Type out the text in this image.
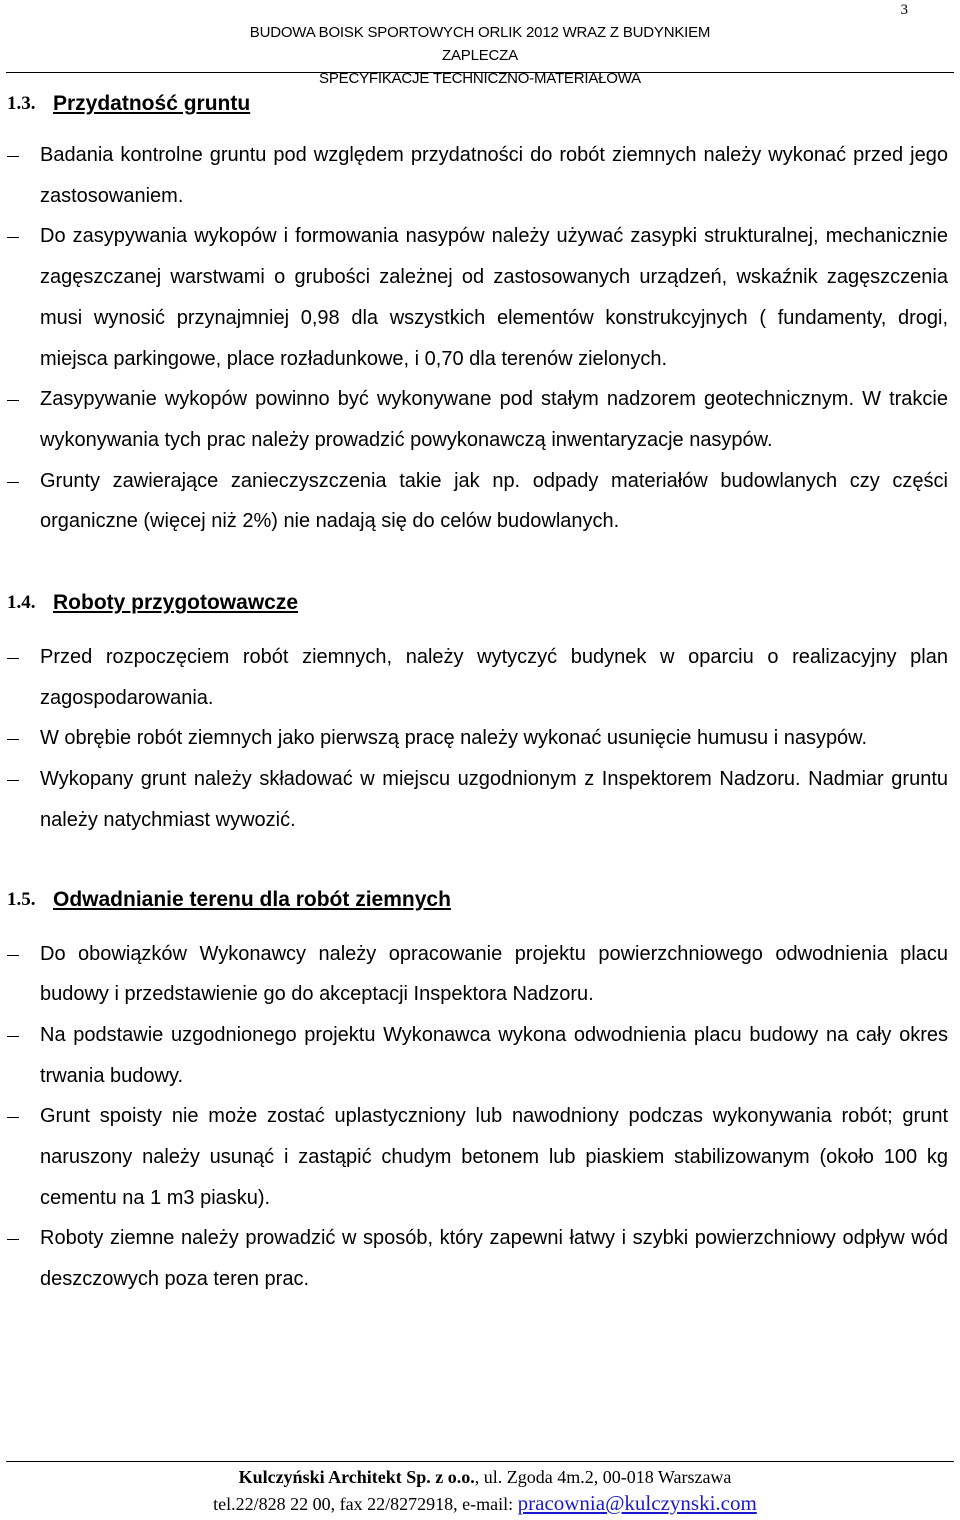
3
BUDOWA BOISK SPORTOWYCH ORLIK 2012 WRAZ Z BUDYNKIEM ZAPLECZA
SPECYFIKACJE TECHNICZNO-MATERIAŁOWA
1.3. Przydatność gruntu
Badania kontrolne gruntu pod względem przydatności do robót ziemnych należy wykonać przed jego zastosowaniem.
Do zasypywania wykopów i formowania nasypów należy używać zasypki strukturalnej, mechanicznie zagęszczanej warstwami o grubości zależnej od zastosowanych urządzeń, wskaźnik zagęszczenia musi wynosić przynajmniej 0,98 dla wszystkich elementów konstrukcyjnych ( fundamenty, drogi, miejsca parkingowe, place rozładunkowe, i 0,70 dla terenów zielonych.
Zasypywanie wykopów powinno być wykonywane pod stałym nadzorem geotechnicznym. W trakcie wykonywania tych prac należy prowadzić powykonawczą inwentaryzacje nasypów.
Grunty zawierające zanieczyszczenia takie jak np. odpady materiałów budowlanych czy części organiczne (więcej niż 2%) nie nadają się do celów budowlanych.
1.4. Roboty przygotowawcze
Przed rozpoczęciem robót ziemnych, należy wytyczyć budynek w oparciu o realizacyjny plan zagospodarowania.
W obrębie robót ziemnych jako pierwszą pracę należy wykonać usunięcie humusu i nasypów.
Wykopany grunt należy składować w miejscu uzgodnionym z Inspektorem Nadzoru. Nadmiar gruntu należy natychmiast wywozić.
1.5. Odwadnianie terenu dla robót ziemnych
Do obowiązków Wykonawcy należy opracowanie projektu powierzchniowego odwodnienia placu budowy i przedstawienie go do akceptacji Inspektora Nadzoru.
Na podstawie uzgodnionego projektu Wykonawca wykona odwodnienia placu budowy na cały okres trwania budowy.
Grunt spoisty nie może zostać uplastyczniony lub nawodniony podczas wykonywania robót; grunt naruszony należy usunąć i zastąpić chudym betonem lub piaskiem stabilizowanym (około 100 kg cementu na 1 m3 piasku).
Roboty ziemne należy prowadzić w sposób, który zapewni łatwy i szybki powierzchniowy odpływ wód deszczowych poza teren prac.
Kulczyński Architekt Sp. z o.o., ul. Zgoda 4m.2, 00-018 Warszawa
tel.22/828 22 00, fax 22/8272918, e-mail: pracownia@kulczynski.com
